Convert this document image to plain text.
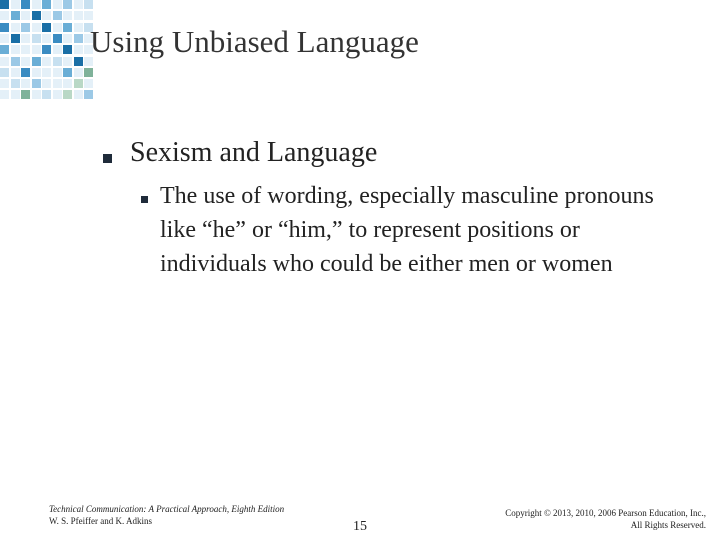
Using Unbiased Language
Sexism and Language
The use of wording, especially masculine pronouns like “he” or “him,” to represent positions or individuals who could be either men or women
Technical Communication: A Practical Approach, Eighth Edition
W. S. Pfeiffer and K. Adkins	15
Copyright © 2013, 2010, 2006 Pearson Education, Inc.,
All Rights Reserved.
